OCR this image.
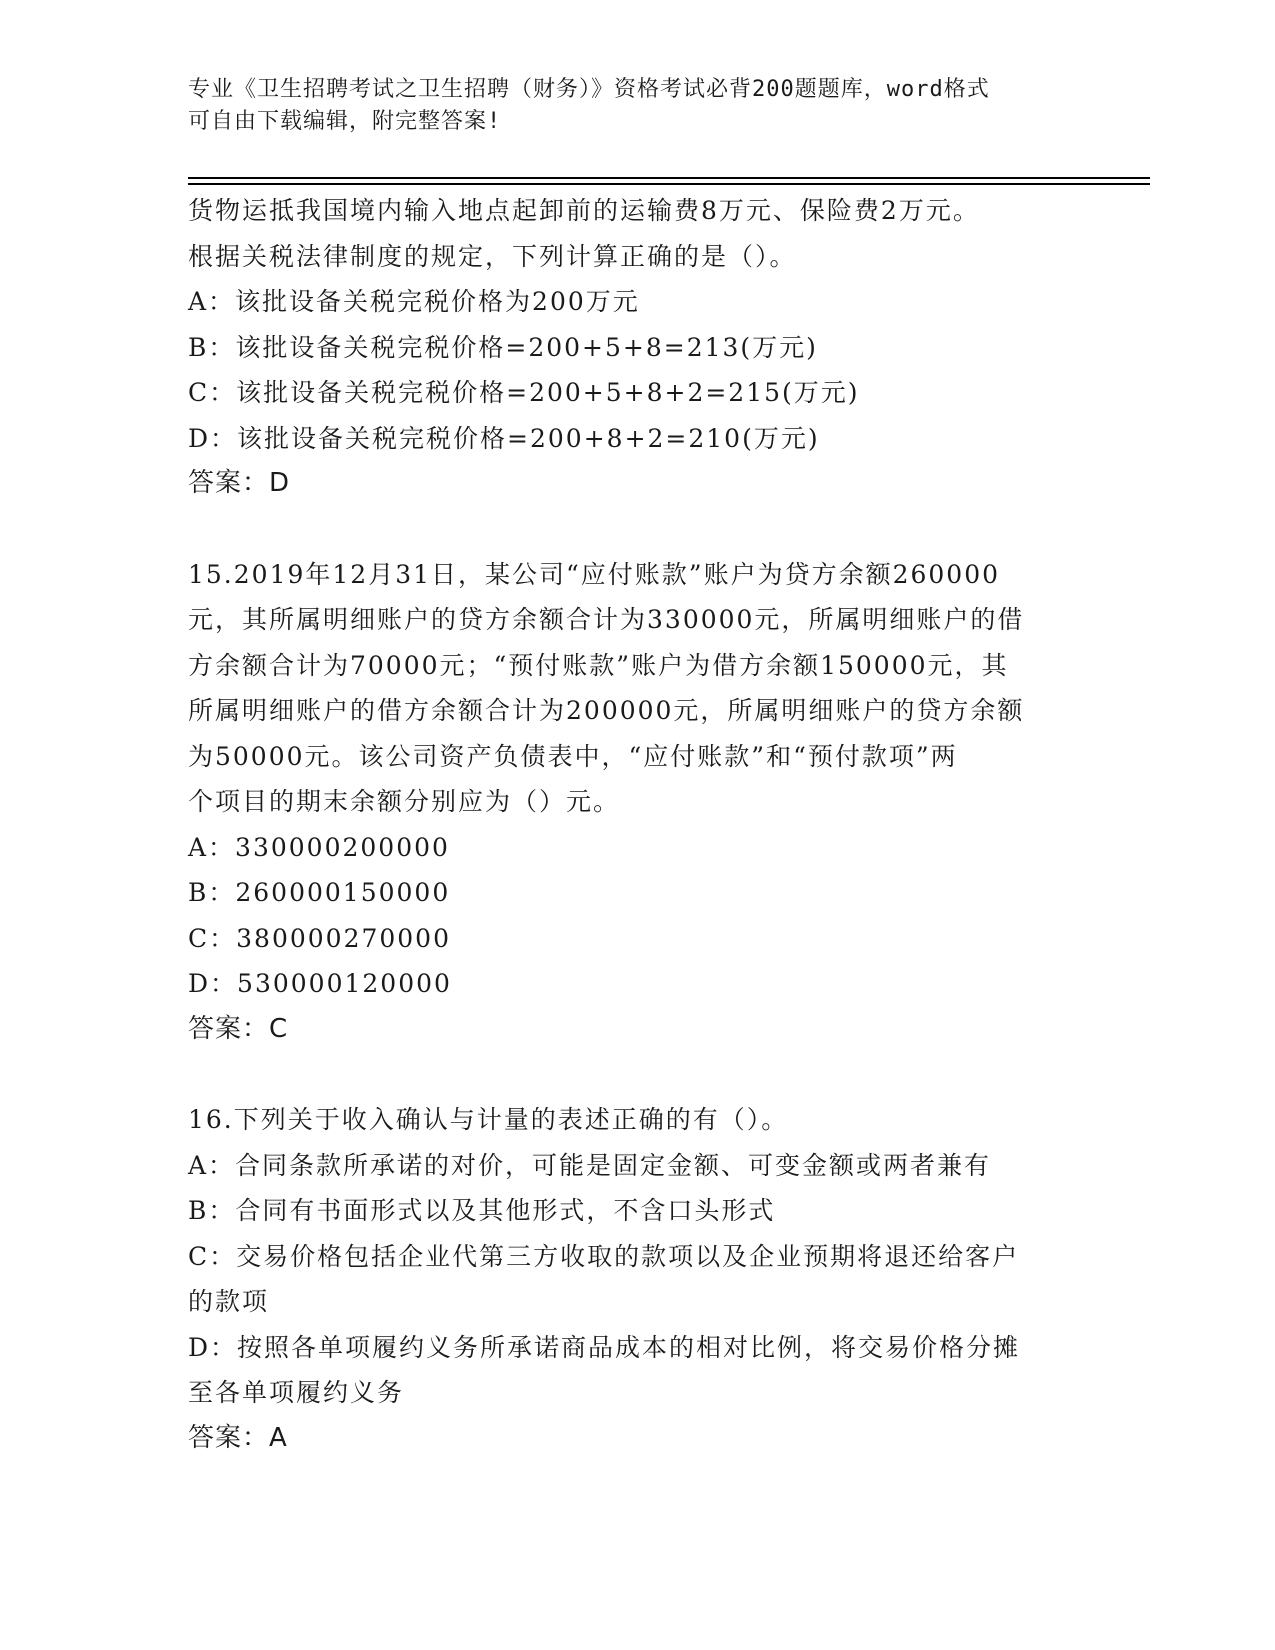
专业《卫生招聘考试之卫生招聘（财务）》资格考试必背200题题库，word格式
可自由下载编辑，附完整答案!
货物运抵我国境内输入地点起卸前的运输费8万元、保险费2万元。
根据关税法律制度的规定，下列计算正确的是（）。
A：该批设备关税完税价格为200万元
B：该批设备关税完税价格=200+5+8=213(万元)
C：该批设备关税完税价格=200+5+8+2=215(万元)
D：该批设备关税完税价格=200+8+2=210(万元)
答案：D
15.2019年12月31日，某公司“应付账款”账户为贷方余额260000
元，其所属明细账户的贷方余额合计为330000元，所属明细账户的借
方余额合计为70000元；“预付账款”账户为借方余额150000元，其
所属明细账户的借方余额合计为200000元，所属明细账户的贷方余额
为50000元。该公司资产负债表中，“应付账款”和“预付款项”两
个项目的期末余额分别应为（）元。
A：330000200000
B：260000150000
C：380000270000
D：530000120000
答案：C
16.下列关于收入确认与计量的表述正确的有（）。
A：合同条款所承诺的对价，可能是固定金额、可变金额或两者兼有
B：合同有书面形式以及其他形式，不含口头形式
C：交易价格包括企业代第三方收取的款项以及企业预期将退还给客户
的款项
D：按照各单项履约义务所承诺商品成本的相对比例，将交易价格分摊
至各单项履约义务
答案：A
